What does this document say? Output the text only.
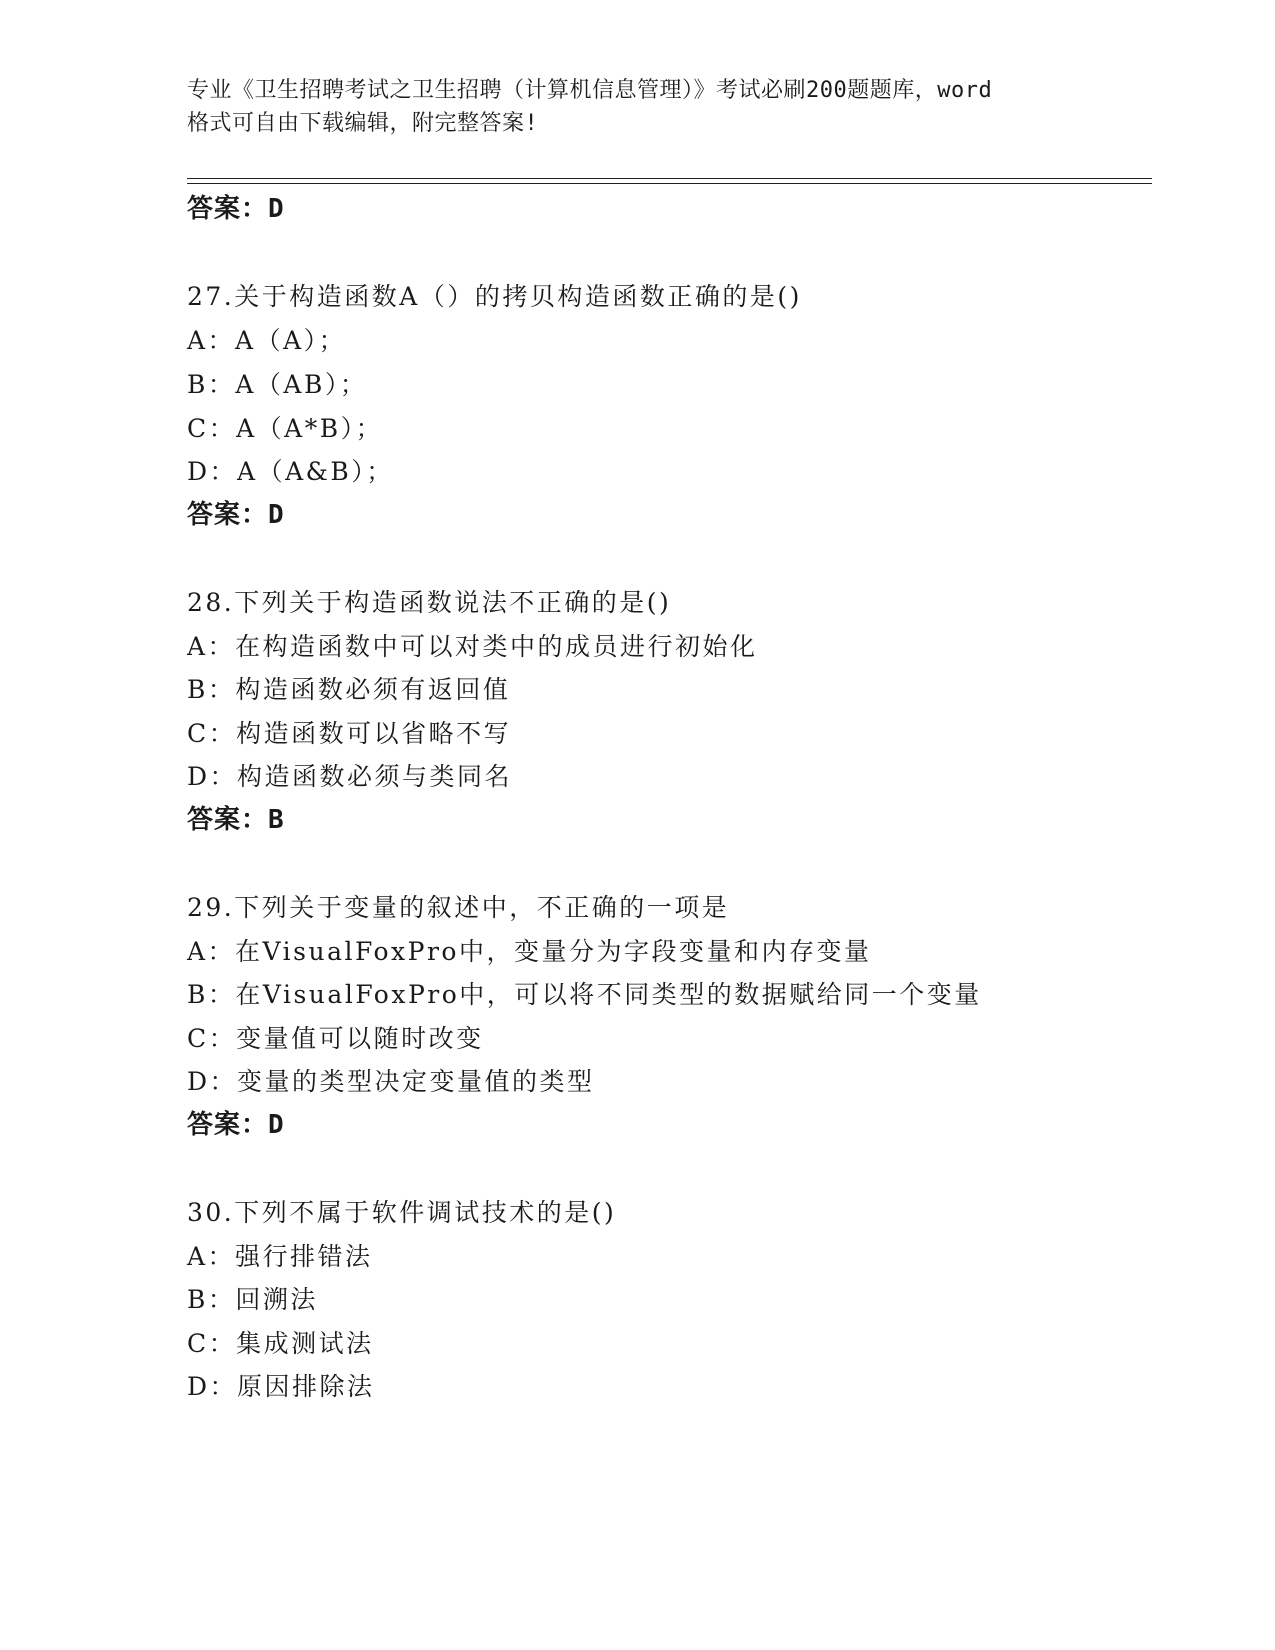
专业《卫生招聘考试之卫生招聘（计算机信息管理）》考试必刷200题题库，word
格式可自由下载编辑，附完整答案!
答案：D
27.关于构造函数A（）的拷贝构造函数正确的是()
A：A（A）；
B：A（AB）；
C：A（A*B）；
D：A（A&B）；
答案：D
28.下列关于构造函数说法不正确的是()
A：在构造函数中可以对类中的成员进行初始化
B：构造函数必须有返回值
C：构造函数可以省略不写
D：构造函数必须与类同名
答案：B
29.下列关于变量的叙述中，不正确的一项是
A：在VisualFoxPro中，变量分为字段变量和内存变量
B：在VisualFoxPro中，可以将不同类型的数据赋给同一个变量
C：变量值可以随时改变
D：变量的类型决定变量值的类型
答案：D
30.下列不属于软件调试技术的是()
A：强行排错法
B：回溯法
C：集成测试法
D：原因排除法
